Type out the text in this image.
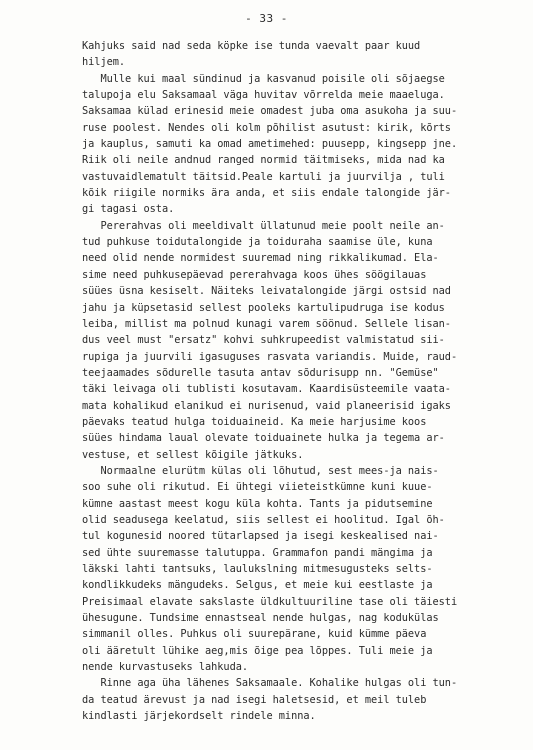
- 33 -
Kahjuks said nad seda köpke ise tunda vaevalt paar kuud
hiljem.
Mulle kui maal sündinud ja kasvanud poisile oli sõjaegse
talupoja elu Saksamaal väga huvitav võrrelda meie maaeluga.
Saksamaa külad erinesid meie omadest juba oma asukoha ja suu-
ruse poolest. Nendes oli kolm põhilist asutust: kirik, kõrts
ja kauplus, samuti ka omad ametimehed: puusepp, kingsepp jne.
Riik oli neile andnud ranged normid täitmiseks, mida nad ka
vastuvaidlematult täitsid.Peale kartuli ja juurvilja , tuli
kõik riigile normiks ära anda, et siis endale talongide jär-
gi tagasi osta.
Pererahvas oli meeldivalt üllatunud meie poolt neile an-
tud puhkuse toidutalongide ja toiduraha saamise üle, kuna
need olid nende normidest suuremad ning rikkalikumad. Ela-
sime need puhkusepäevad pererahvaga koos ühes söögilauas
süües üsna kesiselt. Näiteks leivatalongide järgi ostsid nad
jahu ja küpsetasid sellest pooleks kartulipudruga ise kodus
leiba, millist ma polnud kunagi varem söönud. Sellele lisan-
dus veel must "ersatz" kohvi suhkrupeedist valmistatud sii-
rupiga ja juurvili igasuguses rasvata variandis. Muide, raud-
teejaamades sõdurelle tasuta antav sõdurisupp nn. "Gemüse"
täki leivaga oli tublisti kosutavam. Kaardisüsteemile vaata-
mata kohalikud elanikud ei nurisenud, vaid planeerisid igaks
päevaks teatud hulga toiduaineid. Ka meie harjusime koos
süües hindama laual olevate toiduainete hulka ja tegema ar-
vestuse, et sellest kõigile jätkuks.
Normaalne elurütm külas oli lõhutud, sest mees-ja nais-
soo suhe oli rikutud. Ei ühtegi viieteistkümne kuni kuue-
kümne aastast meest kogu küla kohta. Tants ja pidutsemine
olid seadusega keelatud, siis sellest ei hoolitud. Igal õh-
tul kogunesid noored tütarlapsed ja isegi keskealised nai-
sed ühte suuremasse talutuppa. Grammafon pandi mängima ja
läkski lahti tantsuks, laulukslning mitmesugusteks selts-
kondlikkudeks mängudeks. Selgus, et meie kui eestlaste ja
Preisimaal elavate sakslaste üldkultuuriline tase oli täiesti
ühesugune. Tundsime ennastseal nende hulgas, nag kodukülas
simmanil olles. Puhkus oli suurepärane, kuid kümme päeva
oli ääretult lühike aeg,mis õige pea lõppes. Tuli meie ja
nende kurvastuseks lahkuda.
Rinne aga üha lähenes Saksamaale. Kohalike hulgas oli tun-
da teatud ärevust ja nad isegi haletsesid, et meil tuleb
kindlasti järjekordselt rindele minna.
